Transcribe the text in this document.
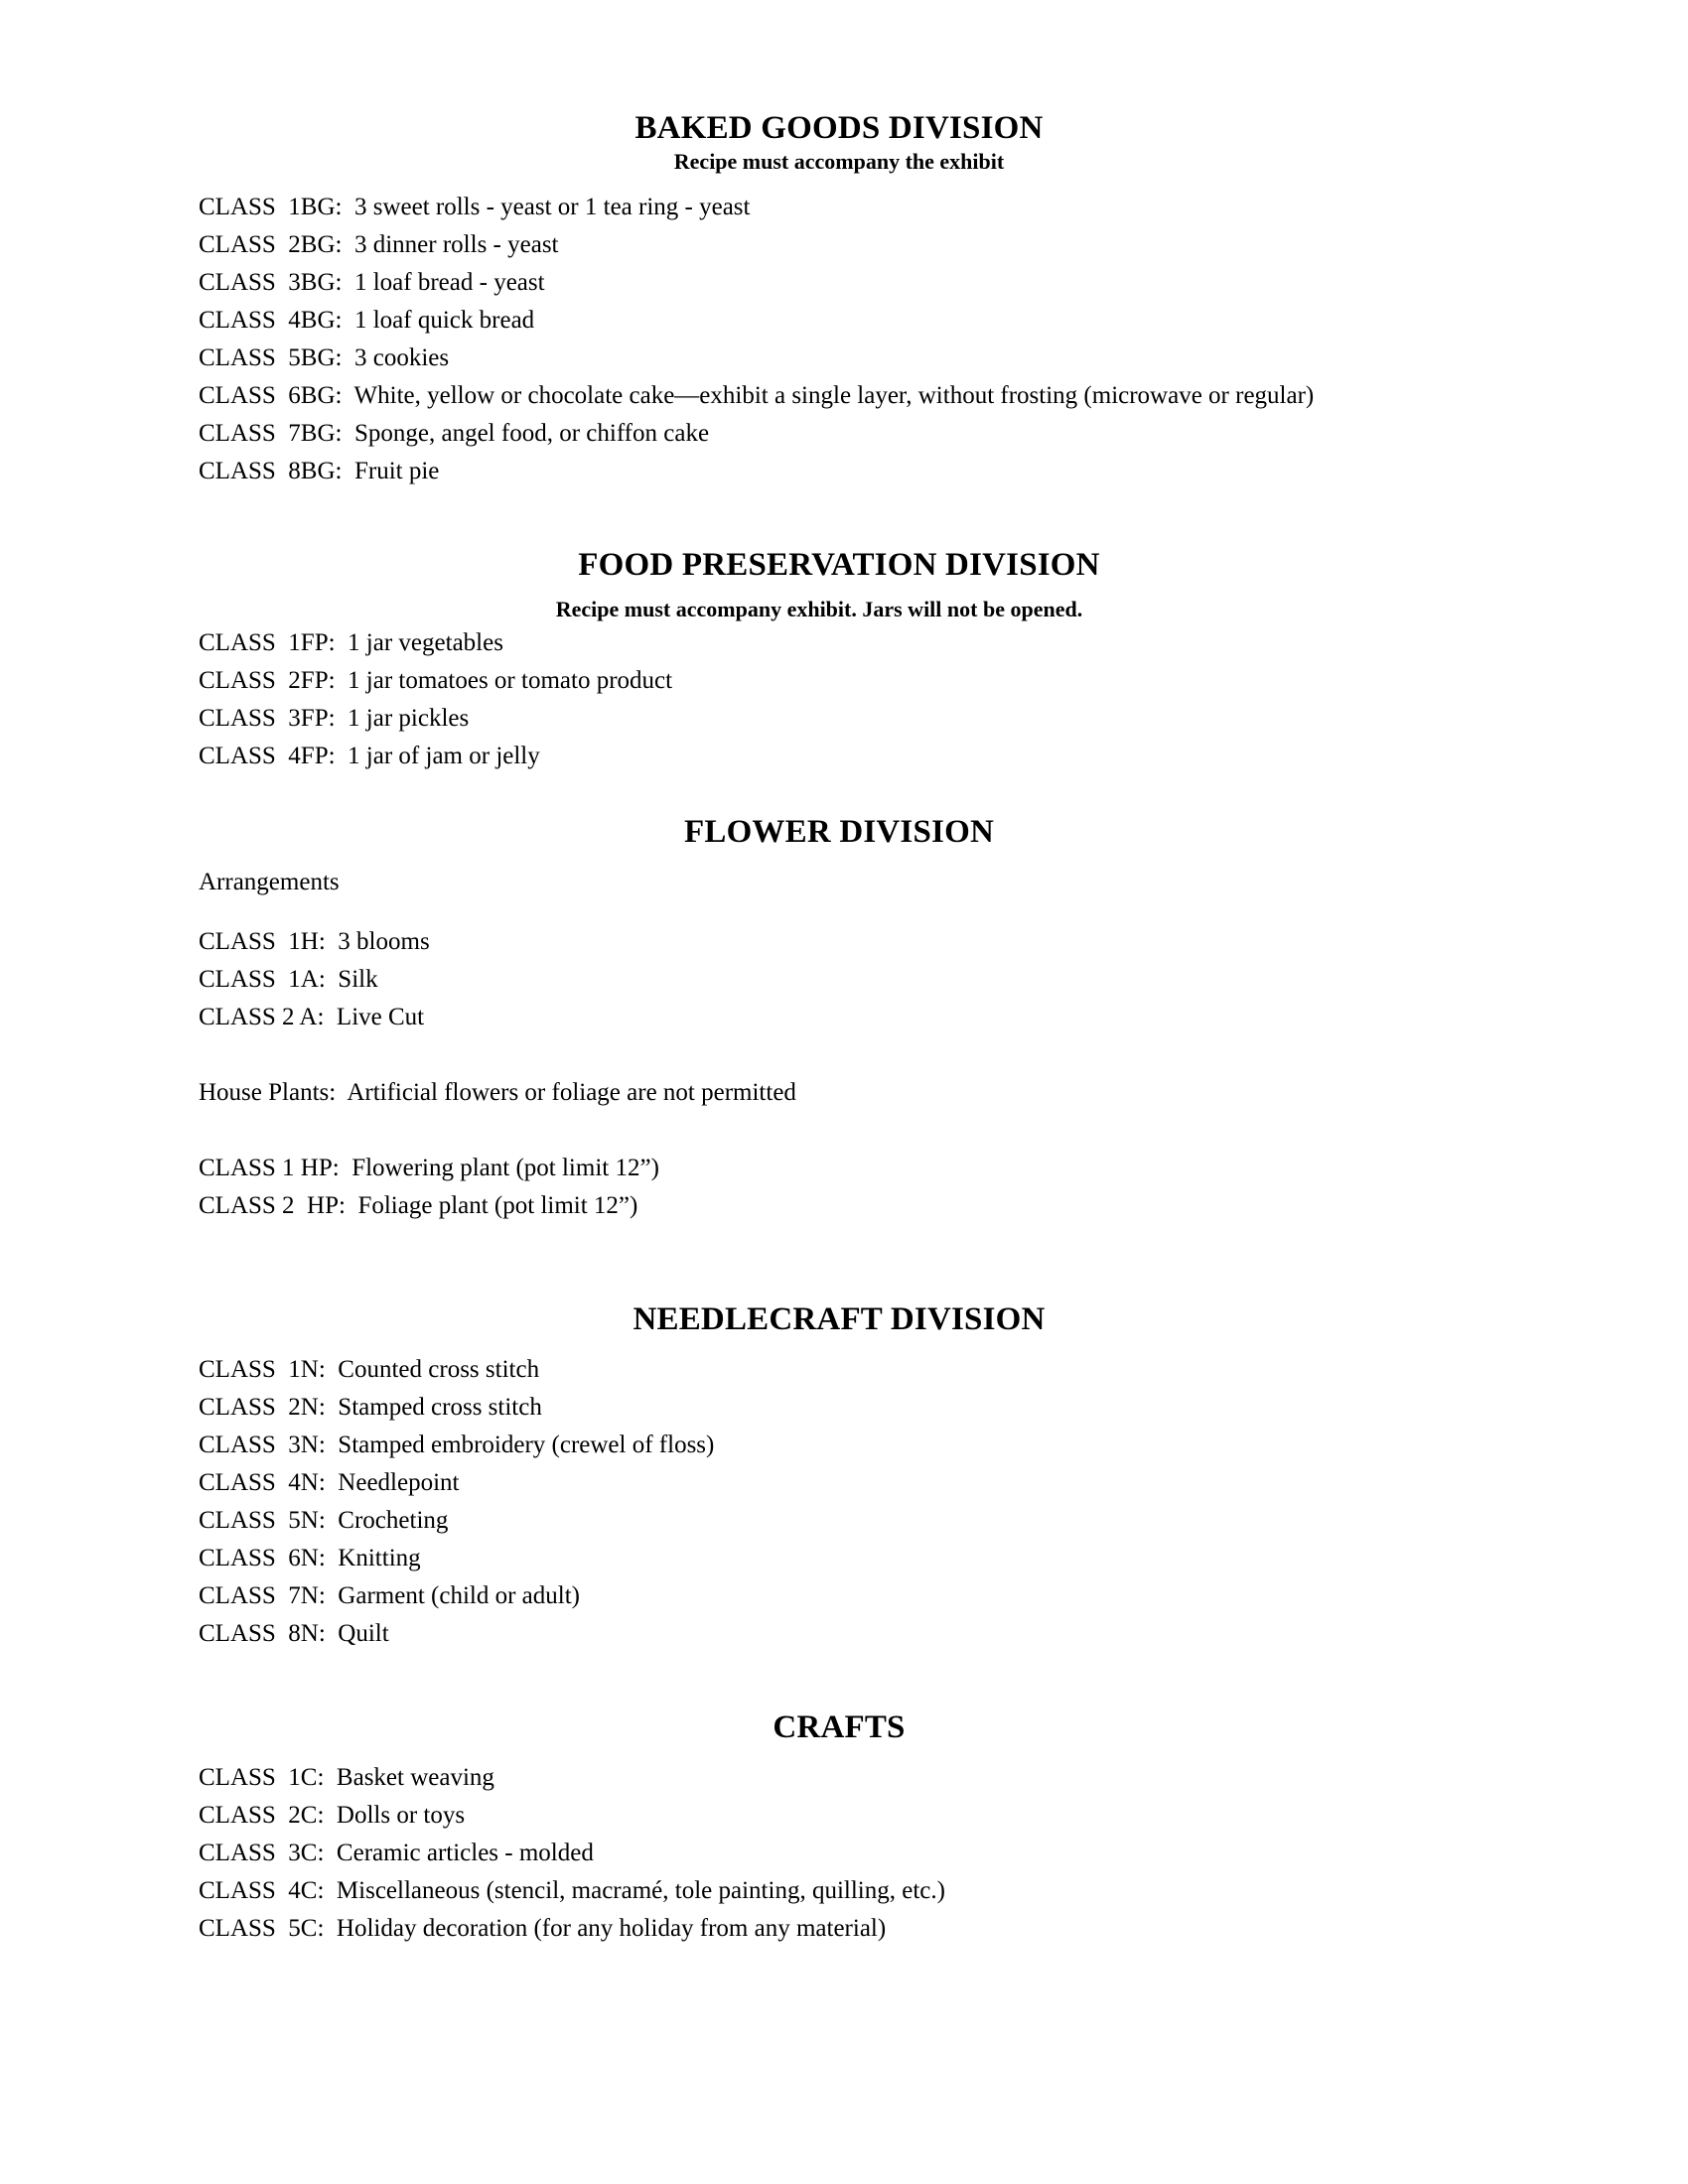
BAKED GOODS DIVISION
Recipe must accompany the exhibit
CLASS  1BG:  3 sweet rolls - yeast or 1 tea ring - yeast
CLASS  2BG:  3 dinner rolls - yeast
CLASS  3BG:  1 loaf bread - yeast
CLASS  4BG:  1 loaf quick bread
CLASS  5BG:  3 cookies
CLASS  6BG:  White, yellow or chocolate cake—exhibit a single layer, without frosting (microwave or regular)
CLASS  7BG:  Sponge, angel food, or chiffon cake
CLASS  8BG:  Fruit pie
FOOD PRESERVATION DIVISION
Recipe must accompany exhibit. Jars will not be opened.
CLASS  1FP:  1 jar vegetables
CLASS  2FP:  1 jar tomatoes or tomato product
CLASS  3FP:  1 jar pickles
CLASS  4FP:  1 jar of jam or jelly
FLOWER DIVISION
Arrangements
CLASS  1H:  3 blooms
CLASS  1A:  Silk
CLASS 2 A:  Live Cut
House Plants:  Artificial flowers or foliage are not permitted
CLASS 1 HP:  Flowering plant (pot limit 12”)
CLASS 2  HP:  Foliage plant (pot limit 12”)
NEEDLECRAFT DIVISION
CLASS  1N:  Counted cross stitch
CLASS  2N:  Stamped cross stitch
CLASS  3N:  Stamped embroidery (crewel of floss)
CLASS  4N:  Needlepoint
CLASS  5N:  Crocheting
CLASS  6N:  Knitting
CLASS  7N:  Garment (child or adult)
CLASS  8N:  Quilt
CRAFTS
CLASS  1C:  Basket weaving
CLASS  2C:  Dolls or toys
CLASS  3C:  Ceramic articles - molded
CLASS  4C:  Miscellaneous (stencil, macramé, tole painting, quilling, etc.)
CLASS  5C:  Holiday decoration (for any holiday from any material)
